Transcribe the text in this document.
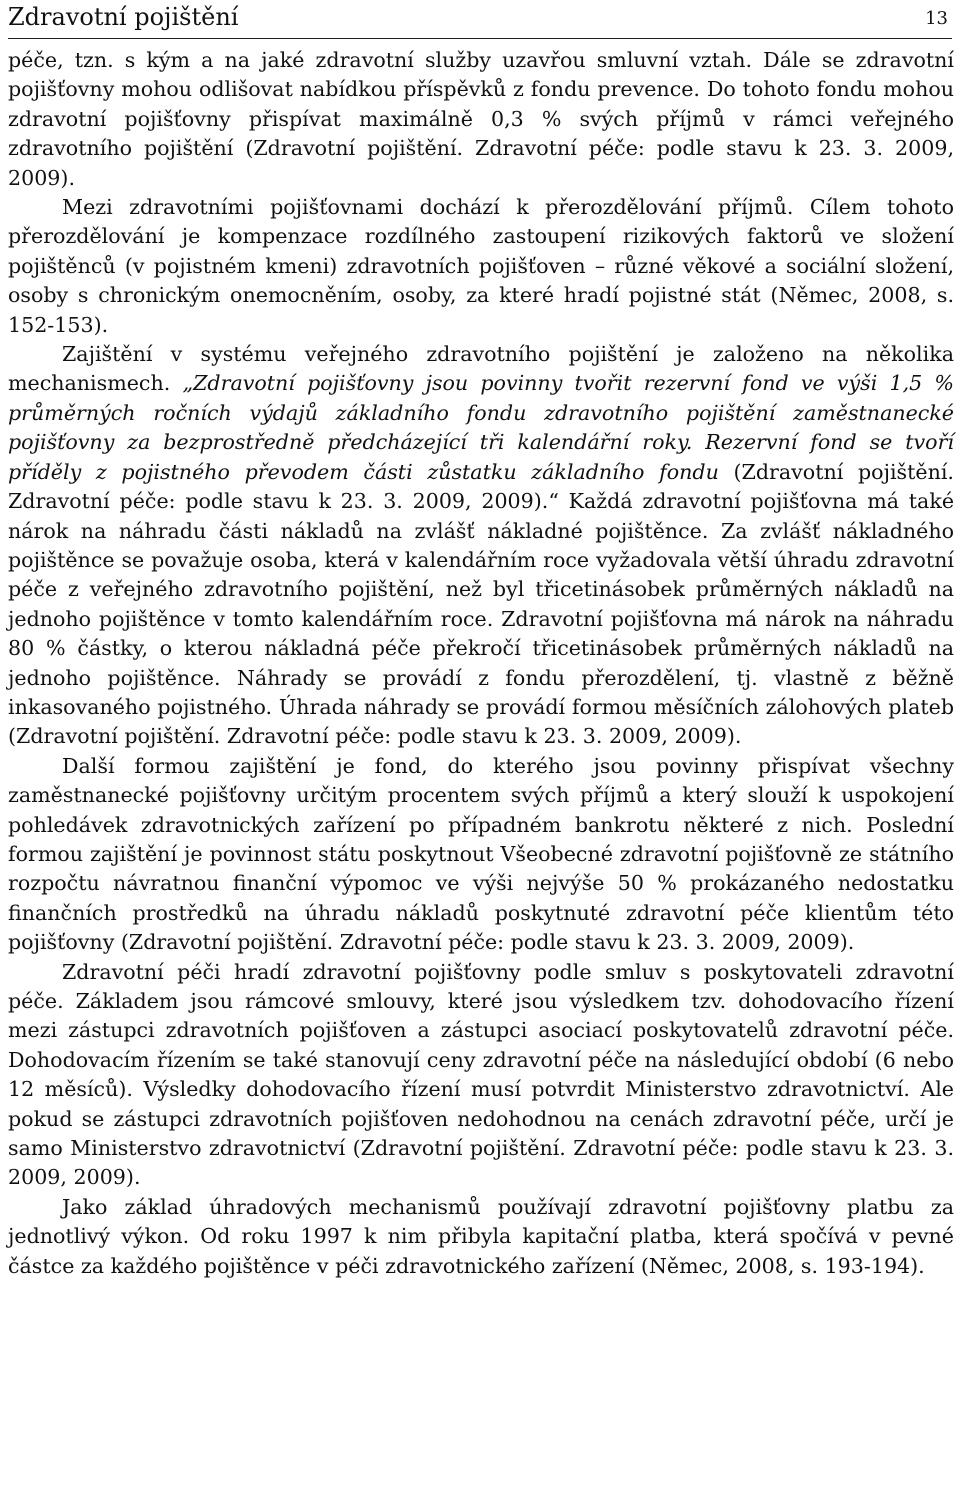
Zdravotní pojištění	13

péče, tzn. s kým a na jaké zdravotní služby uzavřou smluvní vztah. Dále se zdravotní pojišťovny mohou odlišovat nabídkou příspěvků z fondu prevence. Do tohoto fondu mohou zdravotní pojišťovny přispívat maximálně 0,3 % svých příjmů v rámci veřejného zdravotního pojištění (Zdravotní pojištění. Zdravotní péče: podle stavu k 23. 3. 2009, 2009).

Mezi zdravotními pojišťovnami dochází k přerozdělování příjmů. Cílem tohoto přerozdělování je kompenzace rozdílného zastoupení rizikových faktorů ve složení pojištěnců (v pojistném kmeni) zdravotních pojišťoven – různé věkové a sociální složení, osoby s chronickým onemocněním, osoby, za které hradí pojistné stát (Němec, 2008, s. 152-153).

Zajištění v systému veřejného zdravotního pojištění je založeno na několika mechanismech. „Zdravotní pojišťovny jsou povinny tvořit rezervní fond ve výši 1,5 % průměrných ročních výdajů základního fondu zdravotního pojištění zaměstnanecké pojišťovny za bezprostředně předcházející tři kalendářní roky. Rezervní fond se tvoří příděly z pojistného převodem části zůstatku základního fondu (Zdravotní pojištění. Zdravotní péče: podle stavu k 23. 3. 2009, 2009).“ Každá zdravotní pojišťovna má také nárok na náhradu části nákladů na zvlášť nákladné pojištěnce. Za zvlášť nákladného pojištěnce se považuje osoba, která v kalendářním roce vyžadovala větší úhradu zdravotní péče z veřejného zdravotního pojištění, než byl třicetinásobek průměrných nákladů na jednoho pojištěnce v tomto kalendářním roce. Zdravotní pojišťovna má nárok na náhradu 80 % částky, o kterou nákladná péče překročí třicetinásobek průměrných nákladů na jednoho pojištěnce. Náhrady se provádí z fondu přerozdělení, tj. vlastně z běžně inkasovaného pojistného. Úhrada náhrady se provádí formou měsíčních zálohových plateb (Zdravotní pojištění. Zdravotní péče: podle stavu k 23. 3. 2009, 2009).

Další formou zajištění je fond, do kterého jsou povinny přispívat všechny zaměstnanecké pojišťovny určitým procentem svých příjmů a který slouží k uspokojení pohledávek zdravotnických zařízení po případném bankrotu některé z nich. Poslední formou zajištění je povinnost státu poskytnout Všeobecné zdravotní pojišťovně ze státního rozpočtu návratnou finanční výpomoc ve výši nejvýše 50 % prokázaného nedostatku finančních prostředků na úhradu nákladů poskytnuté zdravotní péče klientům této pojišťovny (Zdravotní pojištění. Zdravotní péče: podle stavu k 23. 3. 2009, 2009).

Zdravotní péči hradí zdravotní pojišťovny podle smluv s poskytovateli zdravotní péče. Základem jsou rámcové smlouvy, které jsou výsledkem tzv. dohodovacího řízení mezi zástupci zdravotních pojišťoven a zástupci asociací poskytovatelů zdravotní péče. Dohodovacím řízením se také stanovují ceny zdravotní péče na následující období (6 nebo 12 měsíců). Výsledky dohodovacího řízení musí potvrdit Ministerstvo zdravotnictví. Ale pokud se zástupci zdravotních pojišťoven nedohodnou na cenách zdravotní péče, určí je samo Ministerstvo zdravotnictví (Zdravotní pojištění. Zdravotní péče: podle stavu k 23. 3. 2009, 2009).

Jako základ úhradových mechanismů používají zdravotní pojišťovny platbu za jednotlivý výkon. Od roku 1997 k nim přibyla kapitační platba, která spočívá v pevné částce za každého pojištěnce v péči zdravotnického zařízení (Němec, 2008, s. 193-194).
